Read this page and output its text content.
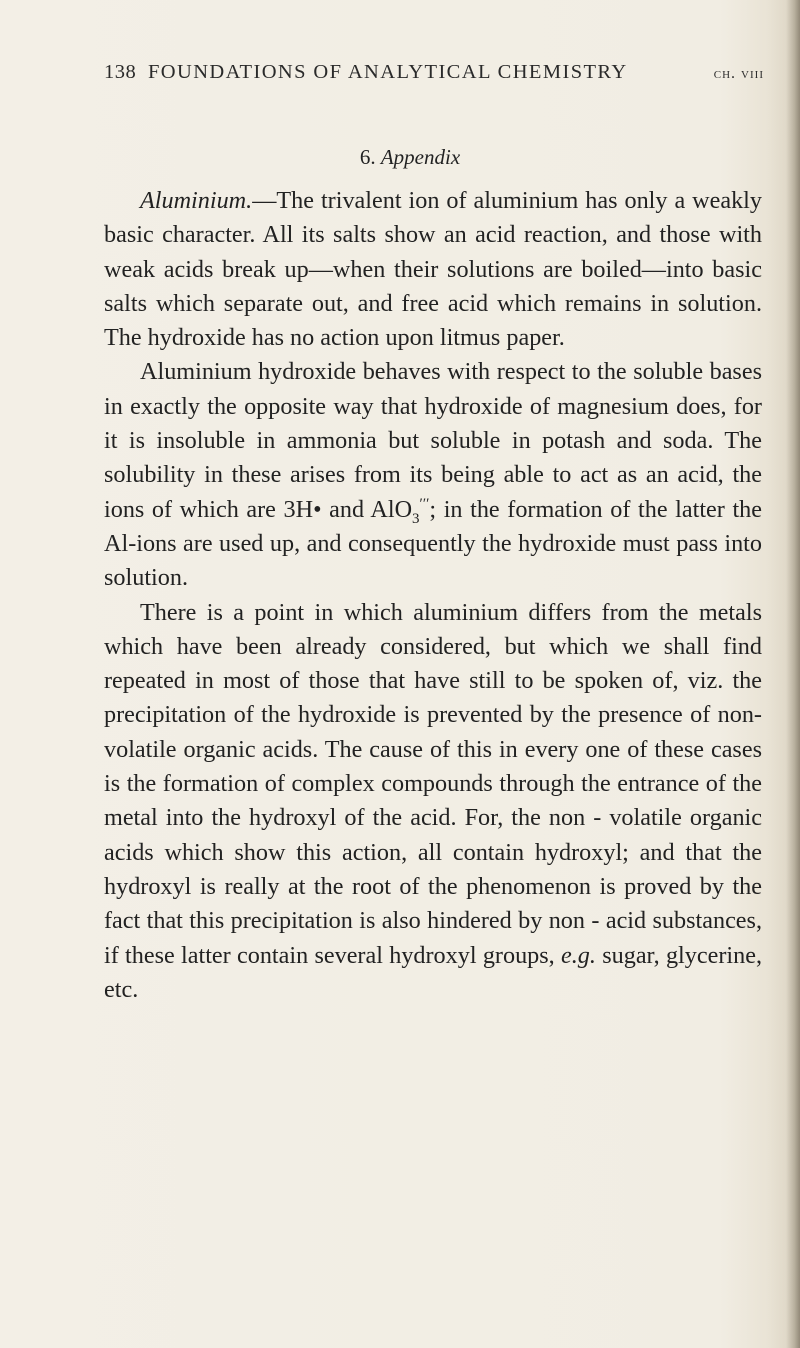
138 FOUNDATIONS OF ANALYTICAL CHEMISTRY	ch. viii
6. Appendix

Aluminium.—The trivalent ion of aluminium has only a weakly basic character. All its salts show an acid reaction, and those with weak acids break up—when their solutions are boiled—into basic salts which separate out, and free acid which remains in solution. The hydroxide has no action upon litmus paper.

Aluminium hydroxide behaves with respect to the soluble bases in exactly the opposite way that hydroxide of magnesium does, for it is insoluble in ammonia but soluble in potash and soda. The solubility in these arises from its being able to act as an acid, the ions of which are 3H• and AlO$_3$′′′; in the formation of the latter the Al-ions are used up, and consequently the hydroxide must pass into solution.

There is a point in which aluminium differs from the metals which have been already considered, but which we shall find repeated in most of those that have still to be spoken of, viz. the precipitation of the hydroxide is prevented by the presence of non-volatile organic acids. The cause of this in every one of these cases is the formation of complex compounds through the entrance of the metal into the hydroxyl of the acid. For, the non - volatile organic acids which show this action, all contain hydroxyl; and that the hydroxyl is really at the root of the phenomenon is proved by the fact that this precipitation is also hindered by non - acid substances, if these latter contain several hydroxyl groups, e.g. sugar, glycerine, etc.
